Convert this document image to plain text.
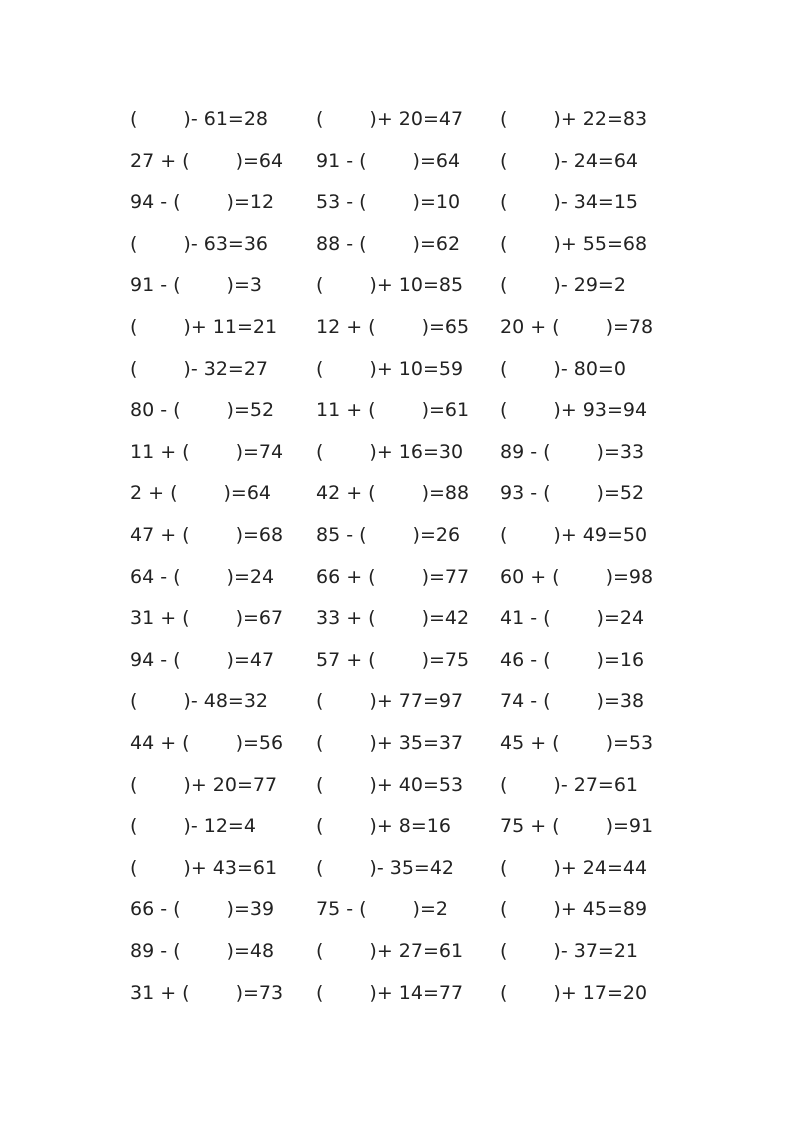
( )- 61=28	( )+ 20=47	( )+ 22=83
27 + ( )=64	91 - ( )=64	( )- 24=64
94 - ( )=12	53 - ( )=10	( )- 34=15
( )- 63=36	88 - ( )=62	( )+ 55=68
91 - ( )=3	( )+ 10=85	( )- 29=2
( )+ 11=21	12 + ( )=65	20 + ( )=78
( )- 32=27	( )+ 10=59	( )- 80=0
80 - ( )=52	11 + ( )=61	( )+ 93=94
11 + ( )=74	( )+ 16=30	89 - ( )=33
2 + ( )=64	42 + ( )=88	93 - ( )=52
47 + ( )=68	85 - ( )=26	( )+ 49=50
64 - ( )=24	66 + ( )=77	60 + ( )=98
31 + ( )=67	33 + ( )=42	41 - ( )=24
94 - ( )=47	57 + ( )=75	46 - ( )=16
( )- 48=32	( )+ 77=97	74 - ( )=38
44 + ( )=56	( )+ 35=37	45 + ( )=53
( )+ 20=77	( )+ 40=53	( )- 27=61
( )- 12=4	( )+ 8=16	75 + ( )=91
( )+ 43=61	( )- 35=42	( )+ 24=44
66 - ( )=39	75 - ( )=2	( )+ 45=89
89 - ( )=48	( )+ 27=61	( )- 37=21
31 + ( )=73	( )+ 14=77	( )+ 17=20
